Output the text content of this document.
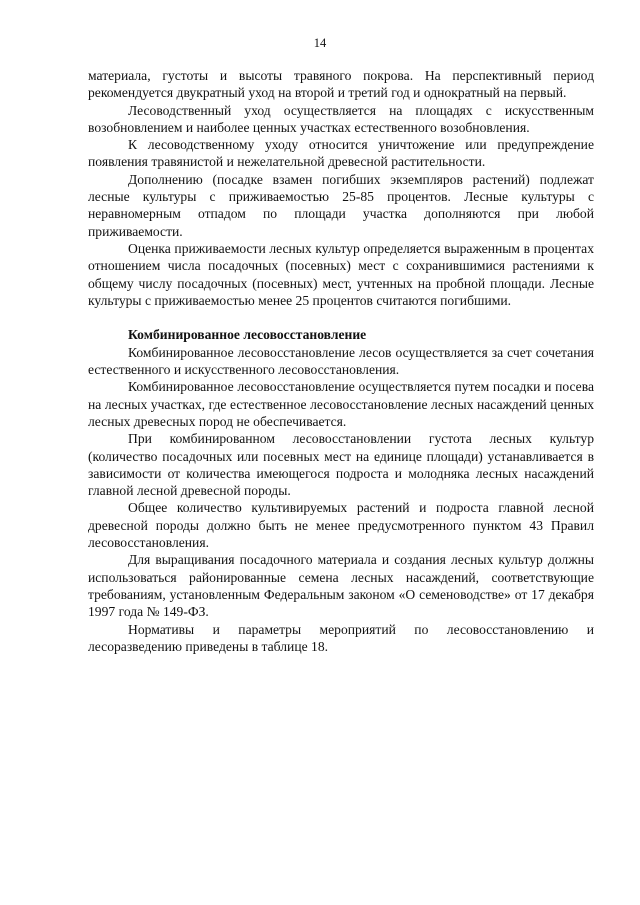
14

материала, густоты и высоты травяного покрова. На перспективный период рекомендуется двукратный уход на второй и третий год и однократный на первый.

Лесоводственный уход осуществляется на площадях с искусственным возобновлением и наиболее ценных участках естественного возобновления.

К лесоводственному уходу относится уничтожение или предупреждение появления травянистой и нежелательной древесной растительности.

Дополнению (посадке взамен погибших экземпляров растений) подлежат лесные культуры с приживаемостью 25-85 процентов. Лесные культуры с неравномерным отпадом по площади участка дополняются при любой приживаемости.

Оценка приживаемости лесных культур определяется выраженным в процентах отношением числа посадочных (посевных) мест с сохранившимися растениями к общему числу посадочных (посевных) мест, учтенных на пробной площади. Лесные культуры с приживаемостью менее 25 процентов считаются погибшими.

Комбинированное лесовосстановление

Комбинированное лесовосстановление лесов осуществляется за счет сочетания естественного и искусственного лесовосстановления.

Комбинированное лесовосстановление осуществляется путем посадки и посева на лесных участках, где естественное лесовосстановление лесных насаждений ценных лесных древесных пород не обеспечивается.

При комбинированном лесовосстановлении густота лесных культур (количество посадочных или посевных мест на единице площади) устанавливается в зависимости от количества имеющегося подроста и молодняка лесных насаждений главной лесной древесной породы.

Общее количество культивируемых растений и подроста главной лесной древесной породы должно быть не менее предусмотренного пунктом 43 Правил лесовосстановления.

Для выращивания посадочного материала и создания лесных культур должны использоваться районированные семена лесных насаждений, соответствующие требованиям, установленным Федеральным законом «О семеноводстве» от 17 декабря 1997 года № 149-ФЗ.

Нормативы и параметры мероприятий по лесовосстановлению и лесоразведению приведены в таблице 18.
